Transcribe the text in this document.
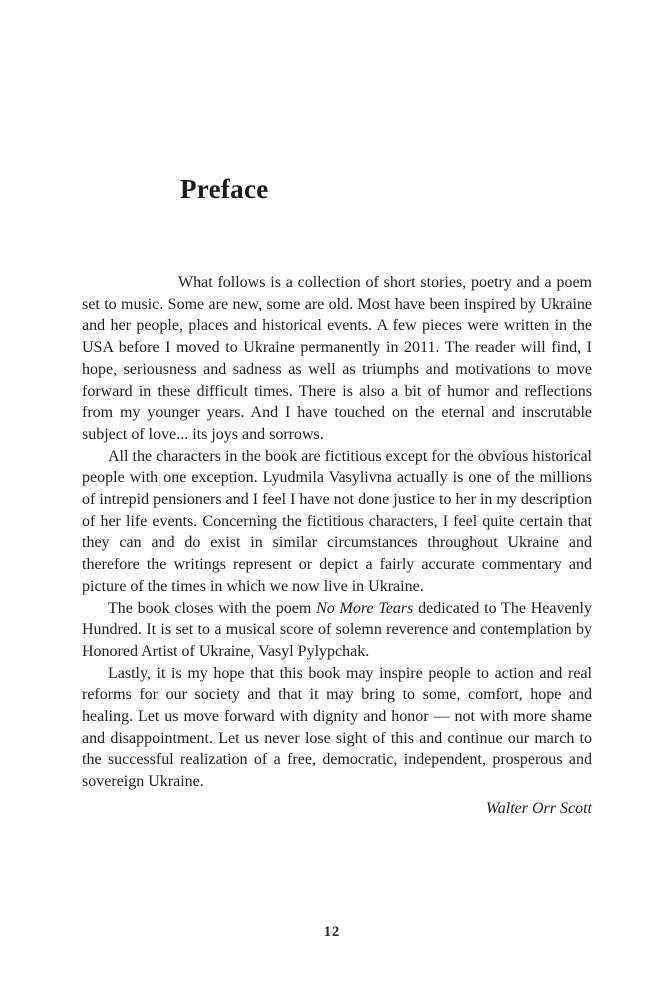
Preface

What follows is a collection of short stories, poetry and a poem set to music. Some are new, some are old. Most have been inspired by Ukraine and her people, places and historical events. A few pieces were written in the USA before I moved to Ukraine permanently in 2011. The reader will find, I hope, seriousness and sadness as well as triumphs and motivations to move forward in these difficult times. There is also a bit of humor and reflections from my younger years. And I have touched on the eternal and inscrutable subject of love... its joys and sorrows.

All the characters in the book are fictitious except for the obvious historical people with one exception. Lyudmila Vasylivna actually is one of the millions of intrepid pensioners and I feel I have not done justice to her in my description of her life events. Concerning the fictitious characters, I feel quite certain that they can and do exist in similar circumstances throughout Ukraine and therefore the writings represent or depict a fairly accurate commentary and picture of the times in which we now live in Ukraine.

The book closes with the poem No More Tears dedicated to The Heavenly Hundred. It is set to a musical score of solemn reverence and contemplation by Honored Artist of Ukraine, Vasyl Pylypchak.

Lastly, it is my hope that this book may inspire people to action and real reforms for our society and that it may bring to some, comfort, hope and healing. Let us move forward with dignity and honor — not with more shame and disappointment. Let us never lose sight of this and continue our march to the successful realization of a free, democratic, independent, prosperous and sovereign Ukraine.

Walter Orr Scott
12
